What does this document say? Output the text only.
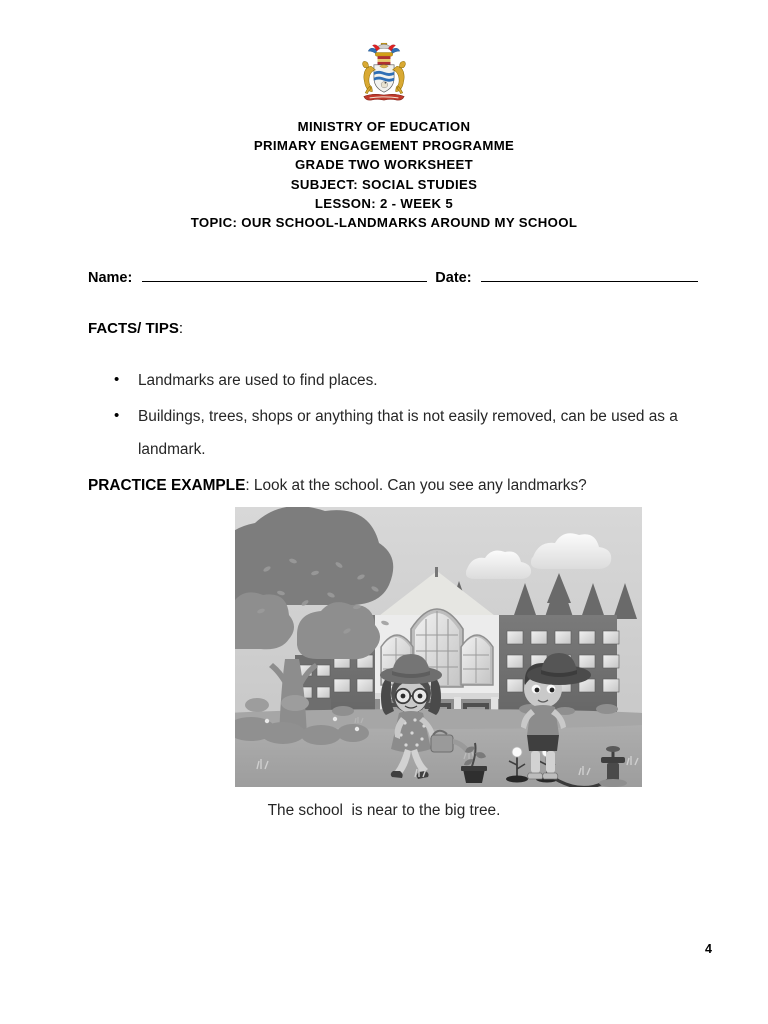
MINISTRY OF EDUCATION
PRIMARY ENGAGEMENT PROGRAMME
GRADE TWO WORKSHEET
SUBJECT: SOCIAL STUDIES
LESSON: 2 - WEEK 5
TOPIC: OUR SCHOOL-LANDMARKS AROUND MY SCHOOL
Name:	Date:
FACTS/ TIPS:
• Landmarks are used to find places.
• Buildings, trees, shops or anything that is not easily removed, can be used as a landmark.
PRACTICE EXAMPLE: Look at the school. Can you see any landmarks?
The school  is near to the big tree.
4
